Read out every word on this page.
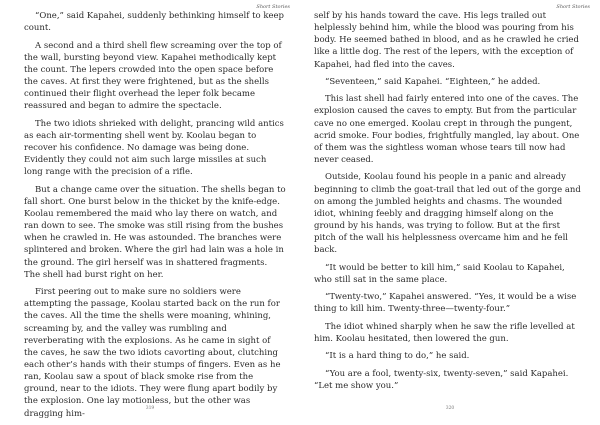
Short Stories

“One,” said Kapahei, suddenly bethinking himself to keep count.

A second and a third shell flew screaming over the top of the wall, bursting beyond view. Kapahei methodically kept the count. The lepers crowded into the open space before the caves. At first they were frightened, but as the shells continued their flight overhead the leper folk became reassured and began to admire the spectacle.

The two idiots shrieked with delight, prancing wild antics as each air-tormenting shell went by. Koolau began to recover his confidence. No damage was being done. Evidently they could not aim such large missiles at such long range with the precision of a rifle.

But a change came over the situation. The shells began to fall short. One burst below in the thicket by the knife-edge. Koolau remembered the maid who lay there on watch, and ran down to see. The smoke was still rising from the bushes when he crawled in. He was astounded. The branches were splintered and broken. Where the girl had lain was a hole in the ground. The girl herself was in shattered fragments. The shell had burst right on her.

First peering out to make sure no soldiers were attempting the passage, Koolau started back on the run for the caves. All the time the shells were moaning, whining, screaming by, and the valley was rumbling and reverberating with the explosions. As he came in sight of the caves, he saw the two idiots cavorting about, clutching each other’s hands with their stumps of fingers. Even as he ran, Koolau saw a spout of black smoke rise from the ground, near to the idiots. They were flung apart bodily by the explosion. One lay motionless, but the other was dragging him-

319
Short Stories

self by his hands toward the cave. His legs trailed out helplessly behind him, while the blood was pouring from his body. He seemed bathed in blood, and as he crawled he cried like a little dog. The rest of the lepers, with the exception of Kapahei, had fled into the caves.

“Seventeen,” said Kapahei. “Eighteen,” he added.

This last shell had fairly entered into one of the caves. The explosion caused the caves to empty. But from the particular cave no one emerged. Koolau crept in through the pungent, acrid smoke. Four bodies, frightfully mangled, lay about. One of them was the sightless woman whose tears till now had never ceased.

Outside, Koolau found his people in a panic and already beginning to climb the goat-trail that led out of the gorge and on among the jumbled heights and chasms. The wounded idiot, whining feebly and dragging himself along on the ground by his hands, was trying to follow. But at the first pitch of the wall his helplessness overcame him and he fell back.

“It would be better to kill him,” said Koolau to Kapahei, who still sat in the same place.

“Twenty-two,” Kapahei answered. “Yes, it would be a wise thing to kill him. Twenty-three—twenty-four.”

The idiot whined sharply when he saw the rifle levelled at him. Koolau hesitated, then lowered the gun.

“It is a hard thing to do,” he said.

“You are a fool, twenty-six, twenty-seven,” said Kapahei. “Let me show you.”

320
